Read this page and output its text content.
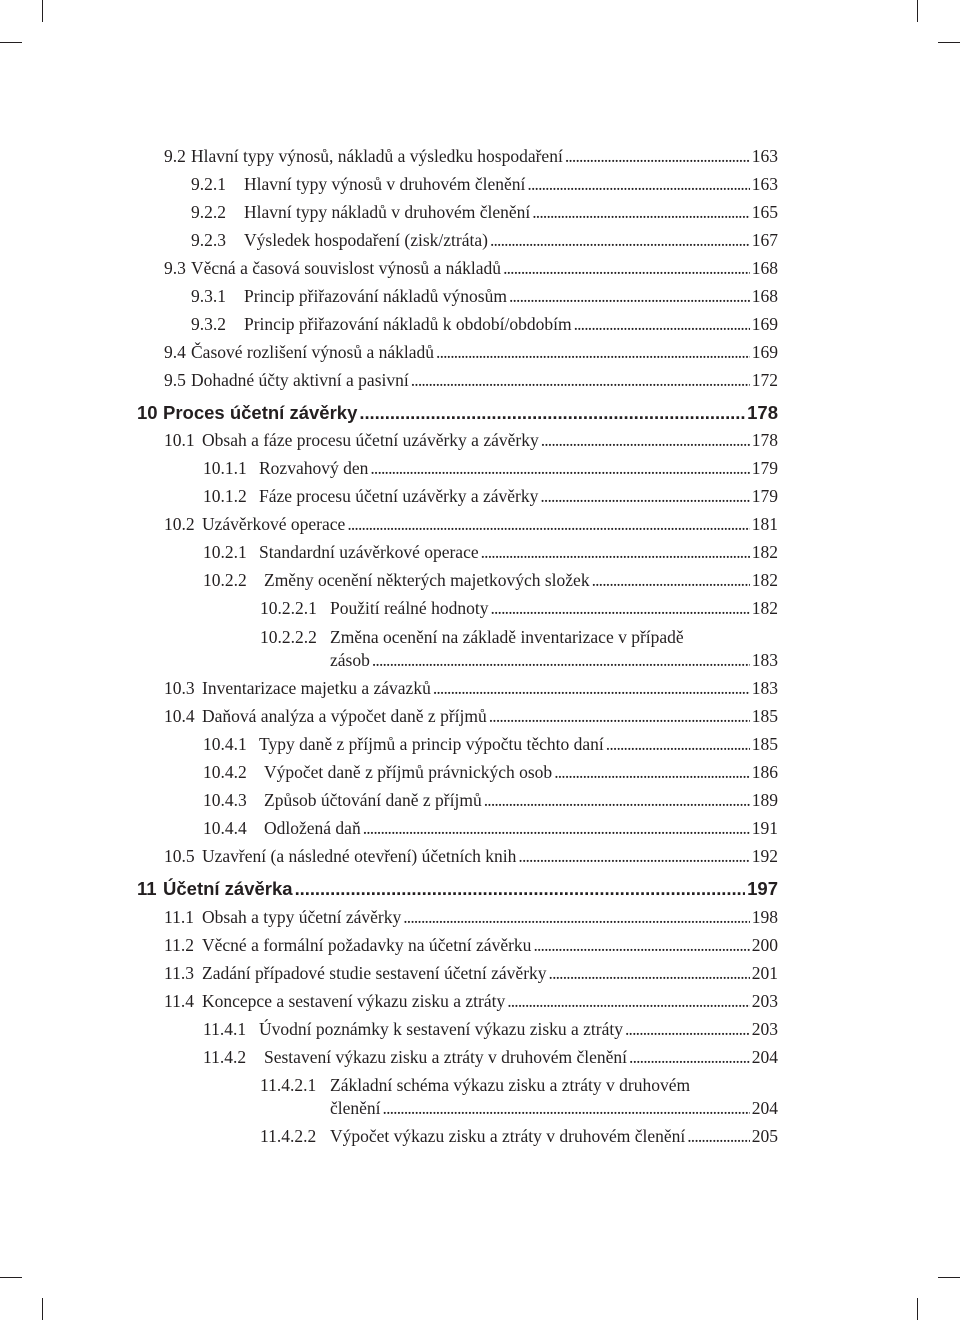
9.2 Hlavní typy výnosů, nákladů a výsledku hospodaření . . .	163
9.2.1 Hlavní typy výnosů v druhovém členění . . .	163
9.2.2 Hlavní typy nákladů v druhovém členění . . .	165
9.2.3 Výsledek hospodaření (zisk/ztráta) . . .	167
9.3 Věcná a časová souvislost výnosů a nákladů . . .	168
9.3.1 Princip přiřazování nákladů výnosům . . .	168
9.3.2 Princip přiřazování nákladů k období/obdobím . . .	169
9.4 Časové rozlišení výnosů a nákladů . . .	169
9.5 Dohadné účty aktivní a pasivní . . .	172
10 Proces účetní závěrky . . .	178
10.1 Obsah a fáze procesu účetní uzávěrky a závěrky . . .	178
10.1.1 Rozvahový den . . .	179
10.1.2 Fáze procesu účetní uzávěrky a závěrky . . .	179
10.2 Uzávěrkové operace . . .	181
10.2.1 Standardní uzávěrkové operace . . .	182
10.2.2 Změny ocenění některých majetkových složek . . .	182
10.2.2.1 Použití reálné hodnoty . . .	182
10.2.2.2 Změna ocenění na základě inventarizace v případě
zásob . . .	183
10.3 Inventarizace majetku a závazků . . .	183
10.4 Daňová analýza a výpočet daně z příjmů . . .	185
10.4.1 Typy daně z příjmů a princip výpočtu těchto daní . . .	185
10.4.2 Výpočet daně z příjmů právnických osob . . .	186
10.4.3 Způsob účtování daně z příjmů . . .	189
10.4.4 Odložená daň . . .	191
10.5 Uzavření (a následné otevření) účetních knih . . .	192
11 Účetní závěrka . . .	197
11.1 Obsah a typy účetní závěrky . . .	198
11.2 Věcné a formální požadavky na účetní závěrku . . .	200
11.3 Zadání případové studie sestavení účetní závěrky . . .	201
11.4 Koncepce a sestavení výkazu zisku a ztráty . . .	203
11.4.1 Úvodní poznámky k sestavení výkazu zisku a ztráty . . .	203
11.4.2 Sestavení výkazu zisku a ztráty v druhovém členění . . .	204
11.4.2.1 Základní schéma výkazu zisku a ztráty v druhovém
členění . . .	204
11.4.2.2 Výpočet výkazu zisku a ztráty v druhovém členění . . .	205
